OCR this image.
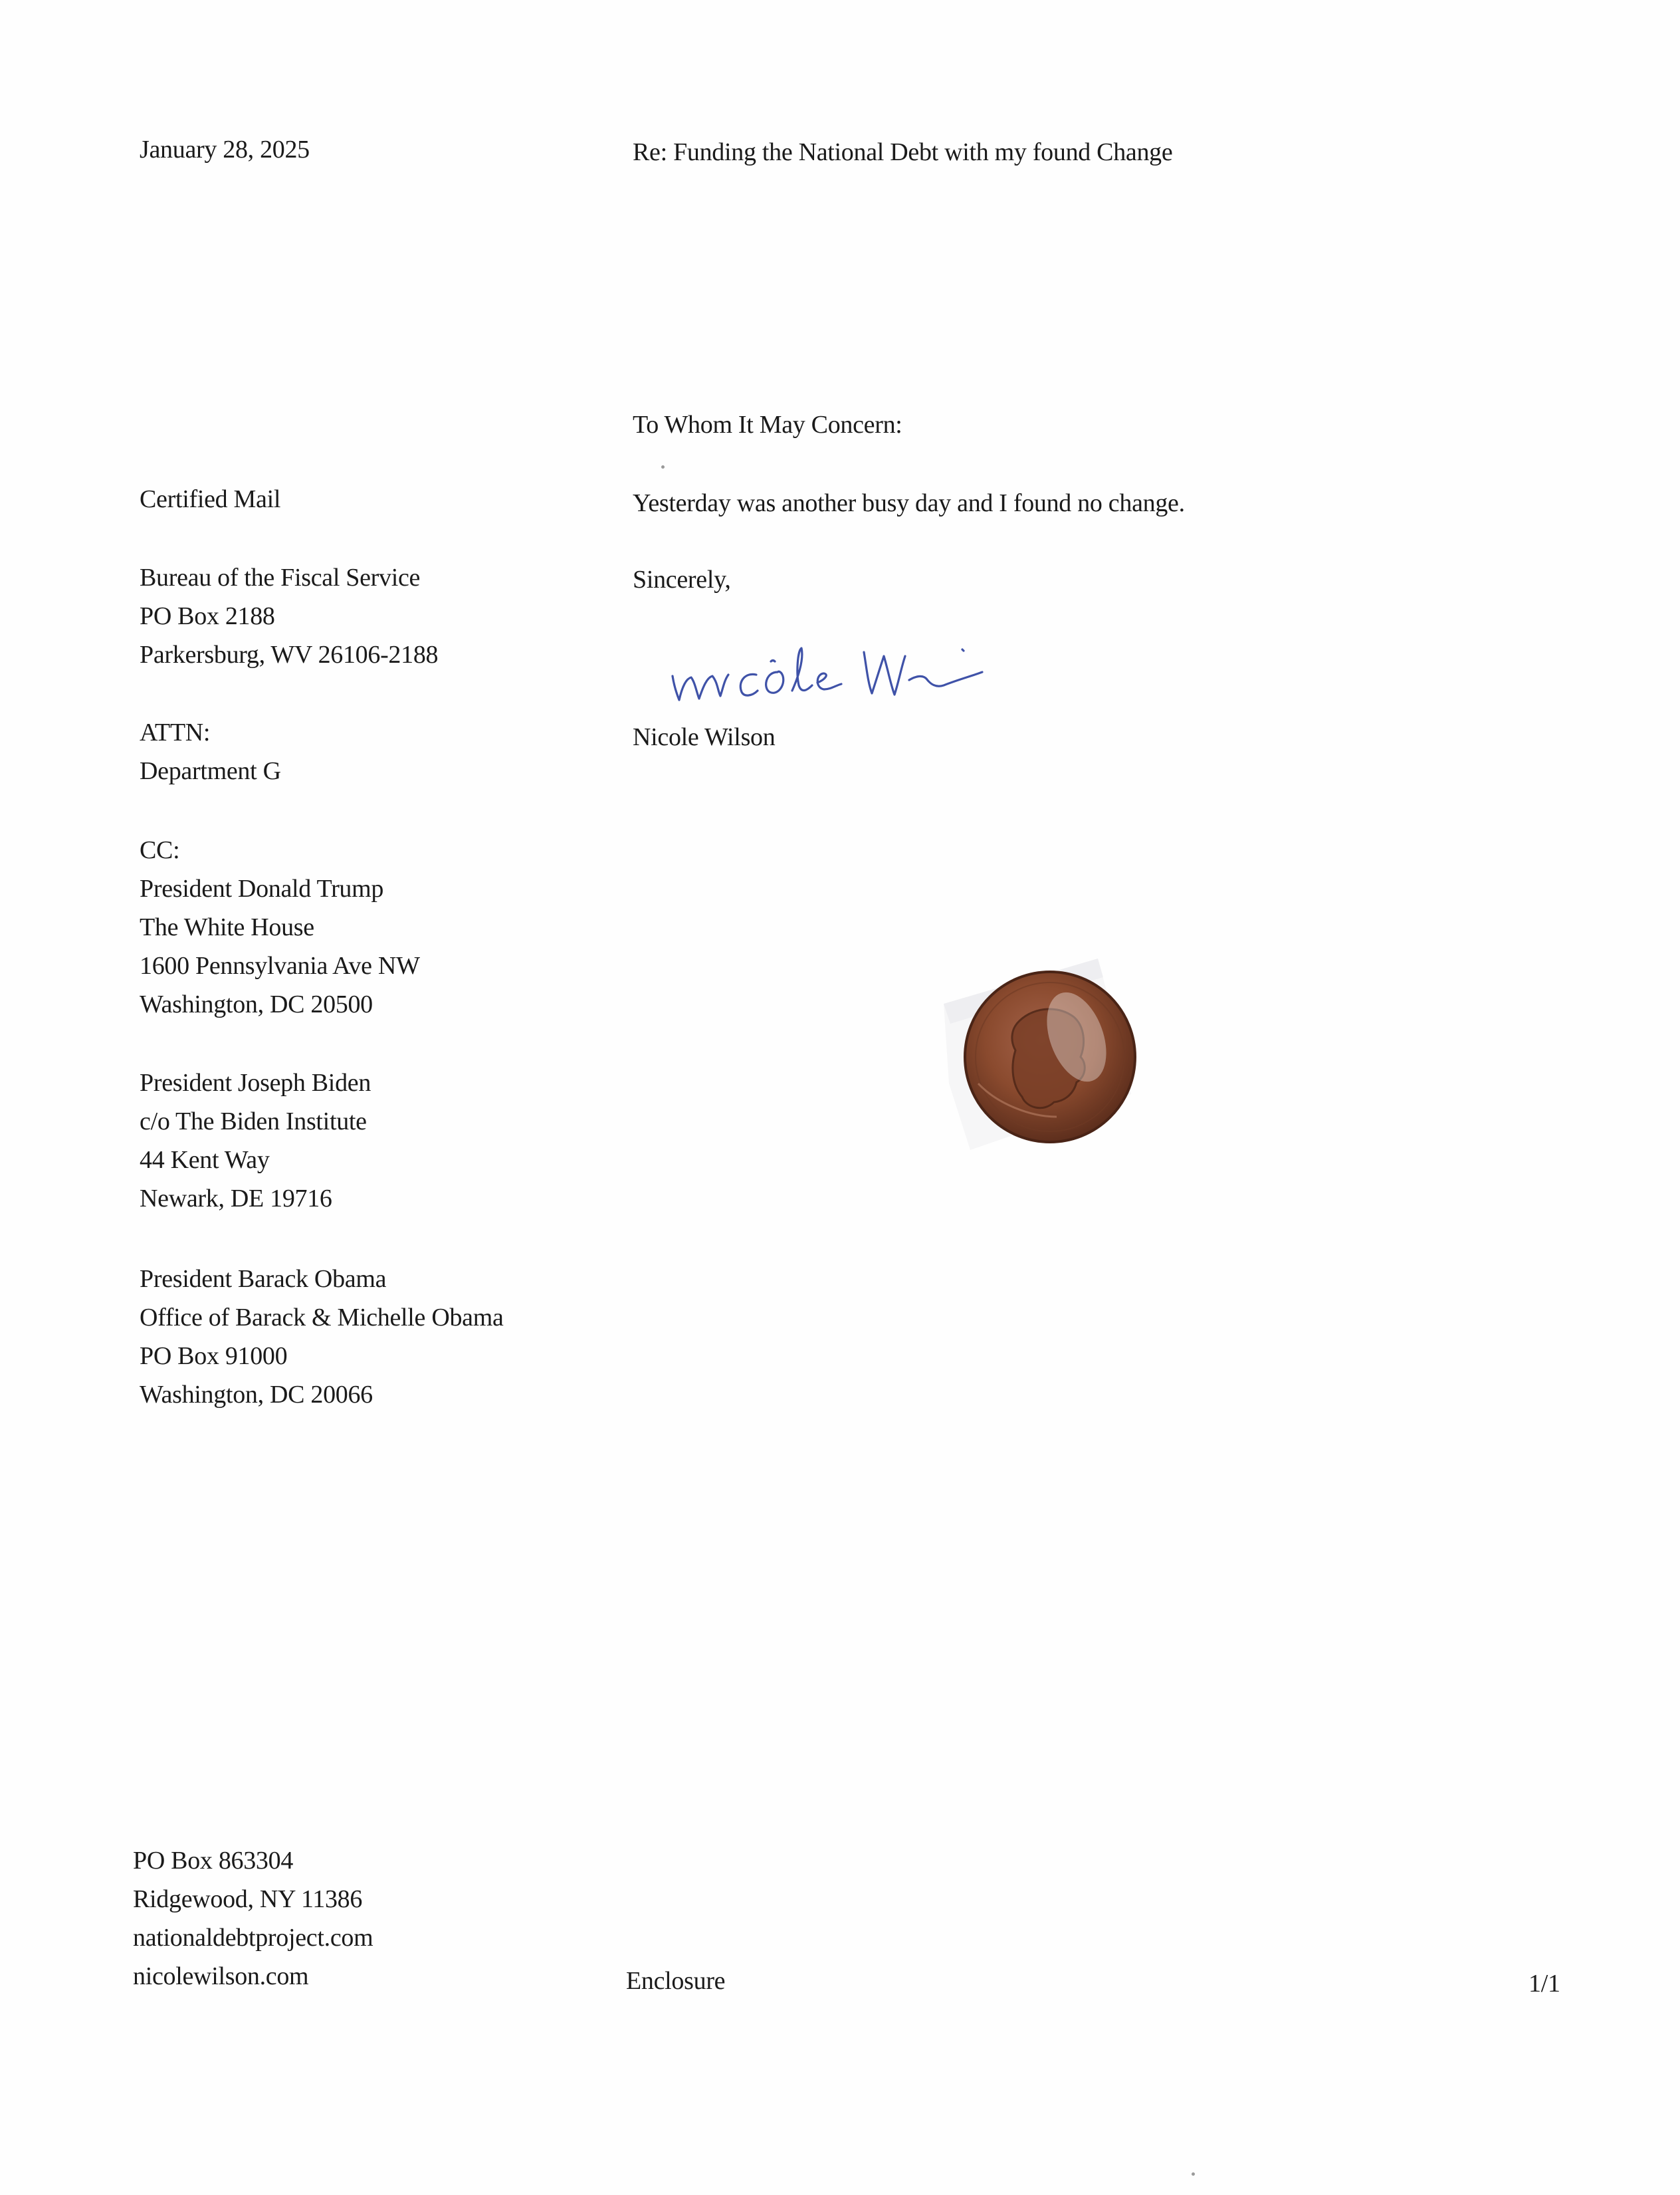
January 28, 2025	Re: Funding the National Debt with my found Change
To Whom It May Concern:
Yesterday was another busy day and I found no change.
Sincerely,
Nicole Wilson
Certified Mail
Bureau of the Fiscal Service
PO Box 2188
Parkersburg, WV 26106-2188
ATTN:
Department G
CC:
President Donald Trump
The White House
1600 Pennsylvania Ave NW
Washington, DC 20500
President Joseph Biden
c/o The Biden Institute
44 Kent Way
Newark, DE 19716
President Barack Obama
Office of Barack & Michelle Obama
PO Box 91000
Washington, DC 20066
PO Box 863304
Ridgewood, NY 11386
nationaldebtproject.com
nicolewilson.com	Enclosure	1/1
